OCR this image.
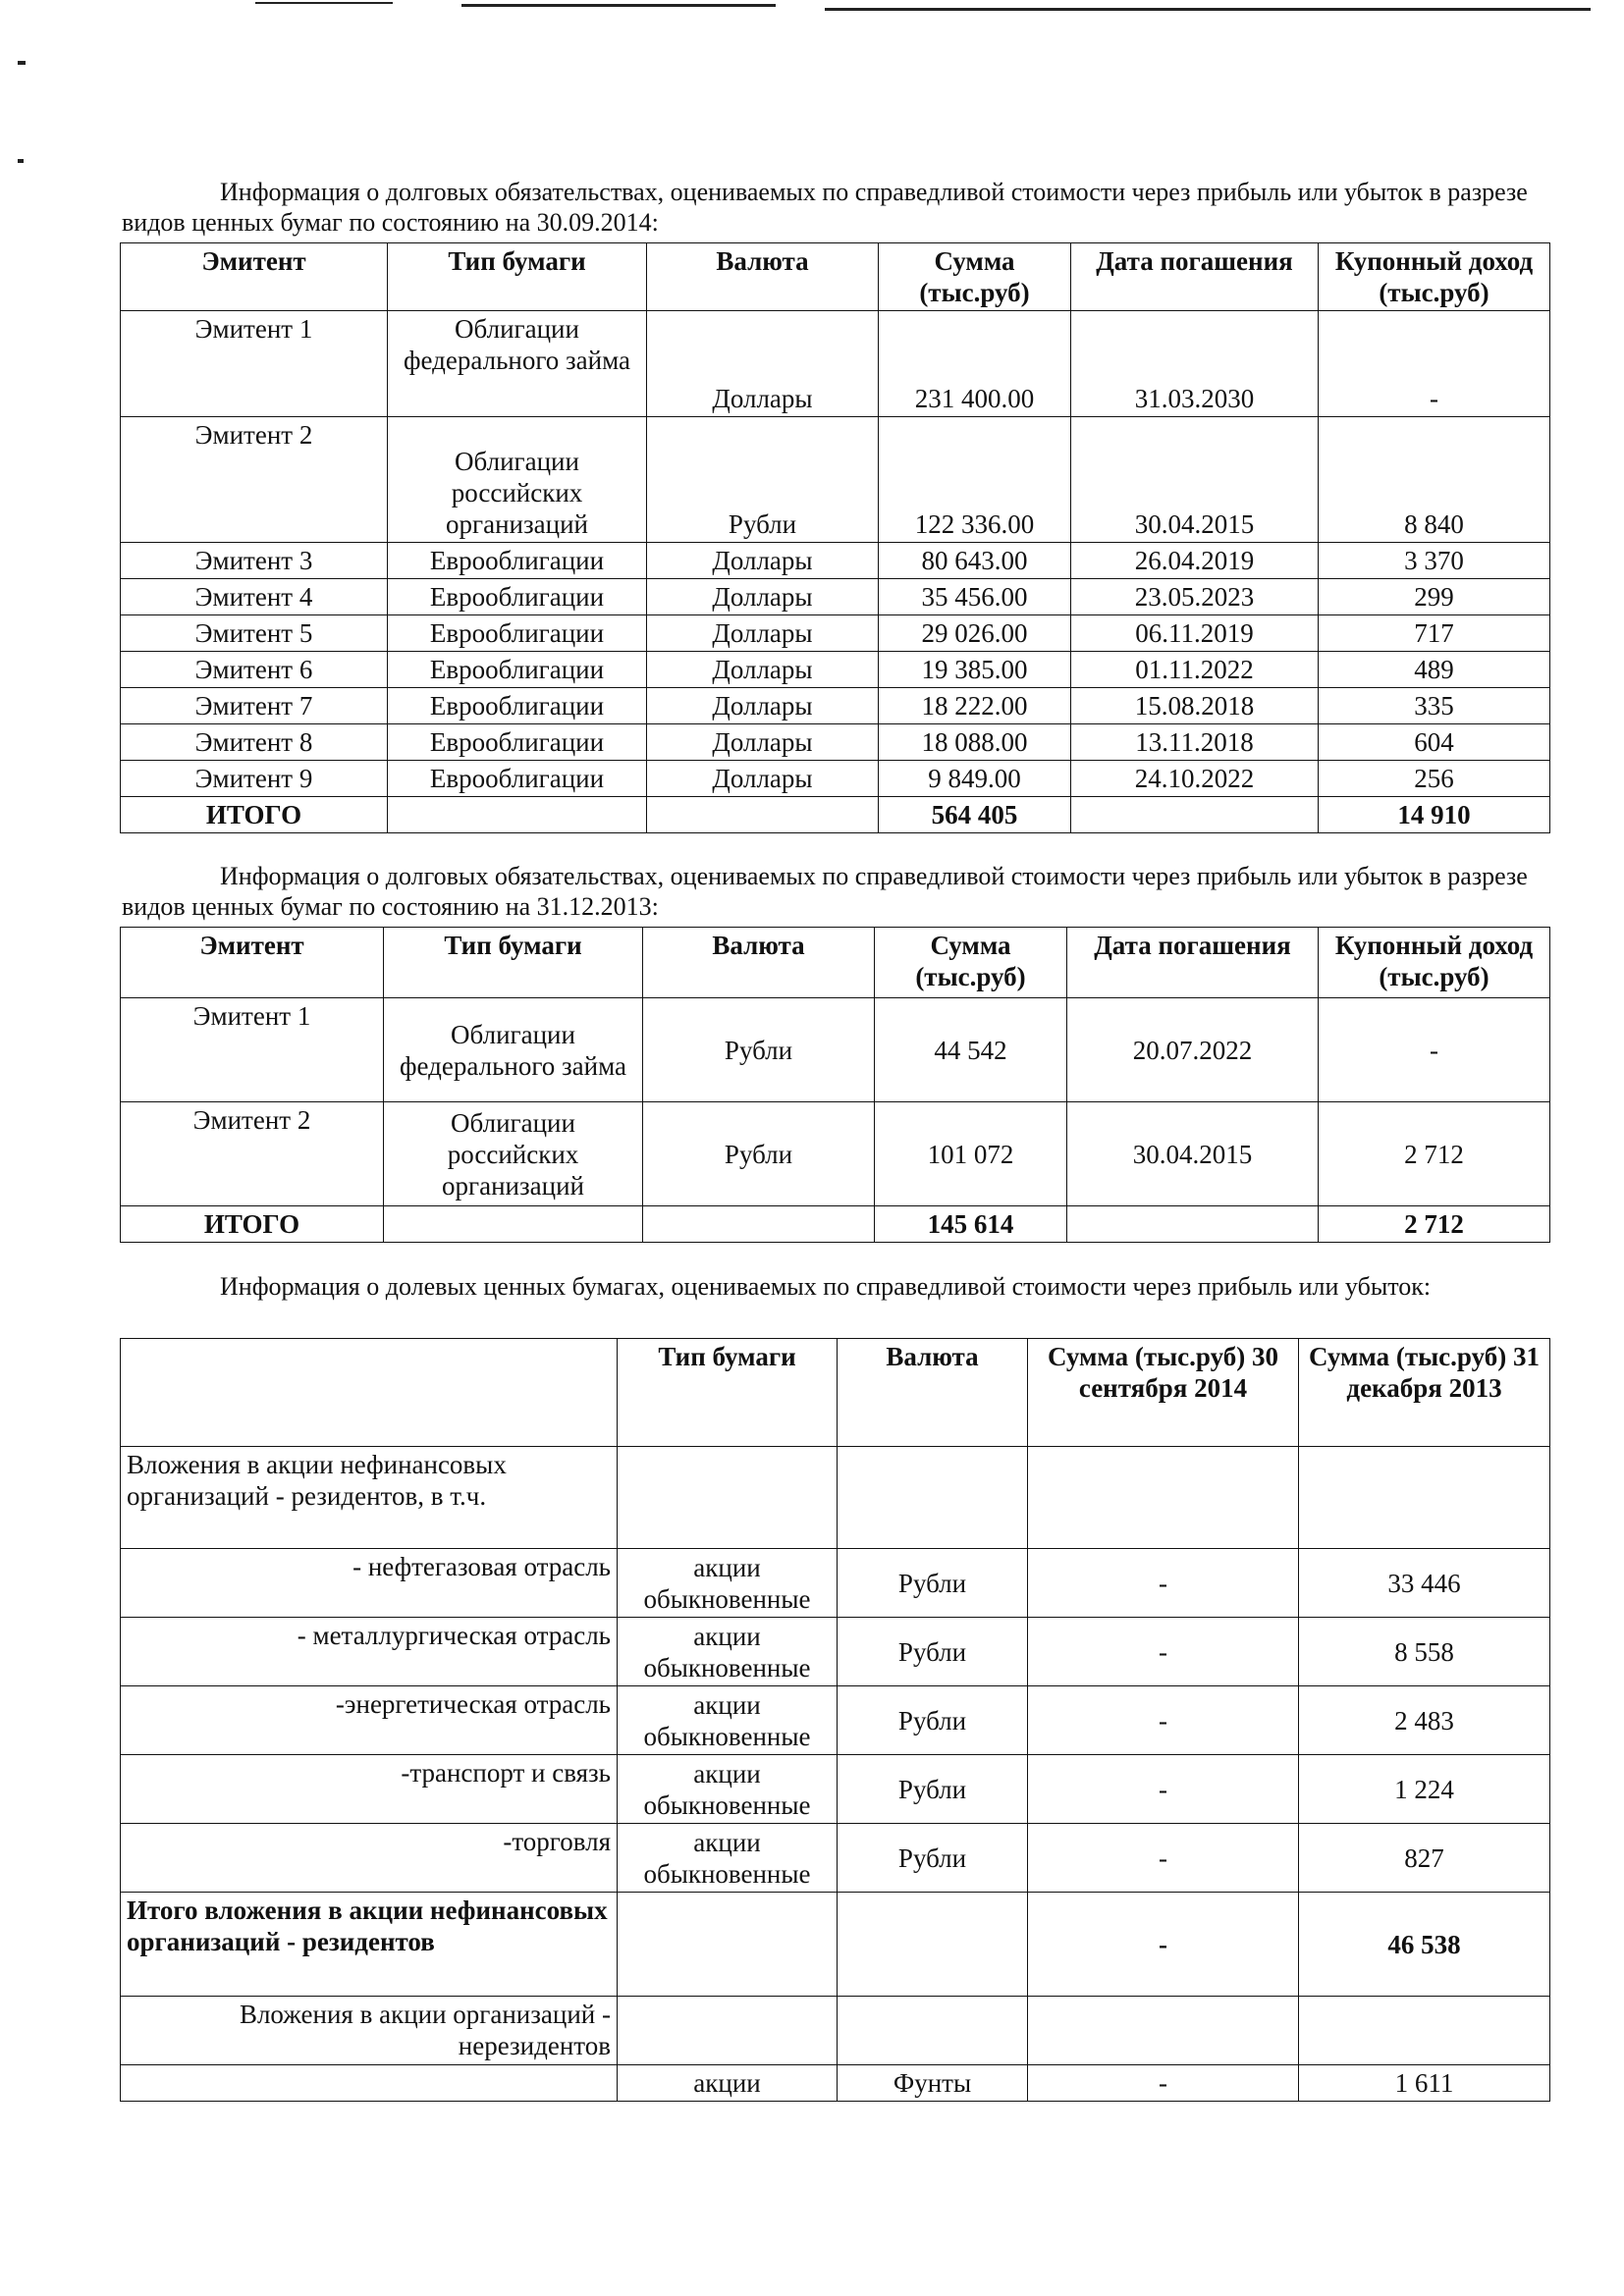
Информация о долговых обязательствах, оцениваемых по справедливой стоимости через прибыль или убыток в разрезе видов ценных бумаг по состоянию на 30.09.2014:
Эмитент	Тип бумаги	Валюта	Сумма (тыс.руб)	Дата погашения	Купонный доход (тыс.руб)
Эмитент 1	Облигации федерального займа	Доллары	231 400.00	31.03.2030	-
Эмитент 2	Облигации российских организаций	Рубли	122 336.00	30.04.2015	8 840
Эмитент 3	Еврооблигации	Доллары	80 643.00	26.04.2019	3 370
Эмитент 4	Еврооблигации	Доллары	35 456.00	23.05.2023	299
Эмитент 5	Еврооблигации	Доллары	29 026.00	06.11.2019	717
Эмитент 6	Еврооблигации	Доллары	19 385.00	01.11.2022	489
Эмитент 7	Еврооблигации	Доллары	18 222.00	15.08.2018	335
Эмитент 8	Еврооблигации	Доллары	18 088.00	13.11.2018	604
Эмитент 9	Еврооблигации	Доллары	9 849.00	24.10.2022	256
ИТОГО			564 405		14 910
Информация о долговых обязательствах, оцениваемых по справедливой стоимости через прибыль или убыток в разрезе видов ценных бумаг по состоянию на 31.12.2013:
Эмитент	Тип бумаги	Валюта	Сумма (тыс.руб)	Дата погашения	Купонный доход (тыс.руб)
Эмитент 1	Облигации федерального займа	Рубли	44 542	20.07.2022	-
Эмитент 2	Облигации российских организаций	Рубли	101 072	30.04.2015	2 712
ИТОГО			145 614		2 712
Информация о долевых ценных бумагах, оцениваемых по справедливой стоимости через прибыль или убыток:
	Тип бумаги	Валюта	Сумма (тыс.руб) 30 сентября 2014	Сумма (тыс.руб) 31 декабря 2013
Вложения в акции нефинансовых организаций - резидентов, в т.ч.				
- нефтегазовая отрасль	акции обыкновенные	Рубли	-	33 446
- металлургическая отрасль	акции обыкновенные	Рубли	-	8 558
-энергетическая отрасль	акции обыкновенные	Рубли	-	2 483
-транспорт и связь	акции обыкновенные	Рубли	-	1 224
-торговля	акции обыкновенные	Рубли	-	827
Итого вложения в акции нефинансовых организаций - резидентов			-	46 538
Вложения в акции организаций - нерезидентов				
	акции	Фунты	-	1 611
